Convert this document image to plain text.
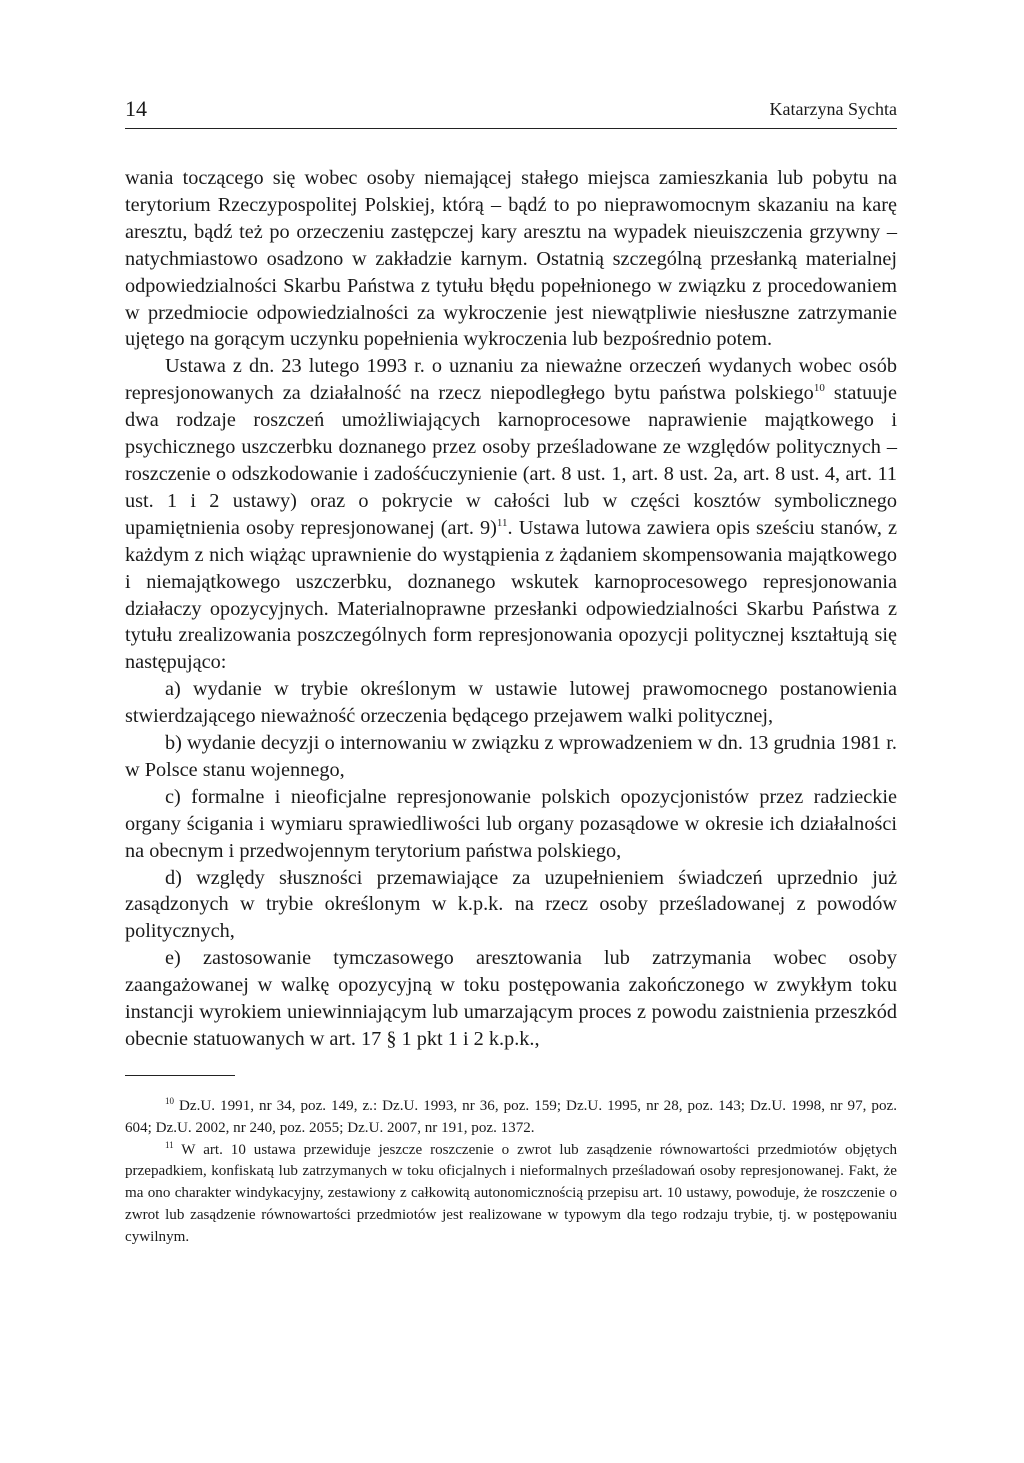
14	Katarzyna Sychta

wania toczącego się wobec osoby niemającej stałego miejsca zamieszkania lub pobytu na terytorium Rzeczypospolitej Polskiej, którą – bądź to po nieprawomocnym skazaniu na karę aresztu, bądź też po orzeczeniu zastępczej kary aresztu na wypadek nieuiszczenia grzywny – natychmiastowo osadzono w zakładzie karnym. Ostatnią szczególną przesłanką materialnej odpowiedzialności Skarbu Państwa z tytułu błędu popełnionego w związku z procedowaniem w przedmiocie odpowiedzialności za wykroczenie jest niewątpliwie niesłuszne zatrzymanie ujętego na gorącym uczynku popełnienia wykroczenia lub bezpośrednio potem.

Ustawa z dn. 23 lutego 1993 r. o uznaniu za nieważne orzeczeń wydanych wobec osób represjonowanych za działalność na rzecz niepodległego bytu państwa polskiego$^{10}$ statuuje dwa rodzaje roszczeń umożliwiających karnoprocesowe naprawienie majątkowego i psychicznego uszczerbku doznanego przez osoby prześladowane ze względów politycznych – roszczenie o odszkodowanie i zadośćuczynienie (art. 8 ust. 1, art. 8 ust. 2a, art. 8 ust. 4, art. 11 ust. 1 i 2 ustawy) oraz o pokrycie w całości lub w części kosztów symbolicznego upamiętnienia osoby represjonowanej (art. 9)$^{11}$. Ustawa lutowa zawiera opis sześciu stanów, z każdym z nich wiążąc uprawnienie do wystąpienia z żądaniem skompensowania majątkowego i niemajątkowego uszczerbku, doznanego wskutek karnoprocesowego represjonowania działaczy opozycyjnych. Materialnoprawne przesłanki odpowiedzialności Skarbu Państwa z tytułu zrealizowania poszczególnych form represjonowania opozycji politycznej kształtują się następująco:

a) wydanie w trybie określonym w ustawie lutowej prawomocnego postanowienia stwierdzającego nieważność orzeczenia będącego przejawem walki politycznej,

b) wydanie decyzji o internowaniu w związku z wprowadzeniem w dn. 13 grudnia 1981 r. w Polsce stanu wojennego,

c) formalne i nieoficjalne represjonowanie polskich opozycjonistów przez radzieckie organy ścigania i wymiaru sprawiedliwości lub organy pozasądowe w okresie ich działalności na obecnym i przedwojennym terytorium państwa polskiego,

d) względy słuszności przemawiające za uzupełnieniem świadczeń uprzednio już zasądzonych w trybie określonym w k.p.k. na rzecz osoby prześladowanej z powodów politycznych,

e) zastosowanie tymczasowego aresztowania lub zatrzymania wobec osoby zaangażowanej w walkę opozycyjną w toku postępowania zakończonego w zwykłym toku instancji wyrokiem uniewinniającym lub umarzającym proces z powodu zaistnienia przeszkód obecnie statuowanych w art. 17 § 1 pkt 1 i 2 k.p.k.,

$^{10}$ Dz.U. 1991, nr 34, poz. 149, z.: Dz.U. 1993, nr 36, poz. 159; Dz.U. 1995, nr 28, poz. 143; Dz.U. 1998, nr 97, poz. 604; Dz.U. 2002, nr 240, poz. 2055; Dz.U. 2007, nr 191, poz. 1372.

$^{11}$ W art. 10 ustawa przewiduje jeszcze roszczenie o zwrot lub zasądzenie równowartości przedmiotów objętych przepadkiem, konfiskatą lub zatrzymanych w toku oficjalnych i nieformalnych prześladowań osoby represjonowanej. Fakt, że ma ono charakter windykacyjny, zestawiony z całkowitą autonomicznością przepisu art. 10 ustawy, powoduje, że roszczenie o zwrot lub zasądzenie równowartości przedmiotów jest realizowane w typowym dla tego rodzaju trybie, tj. w postępowaniu cywilnym.
